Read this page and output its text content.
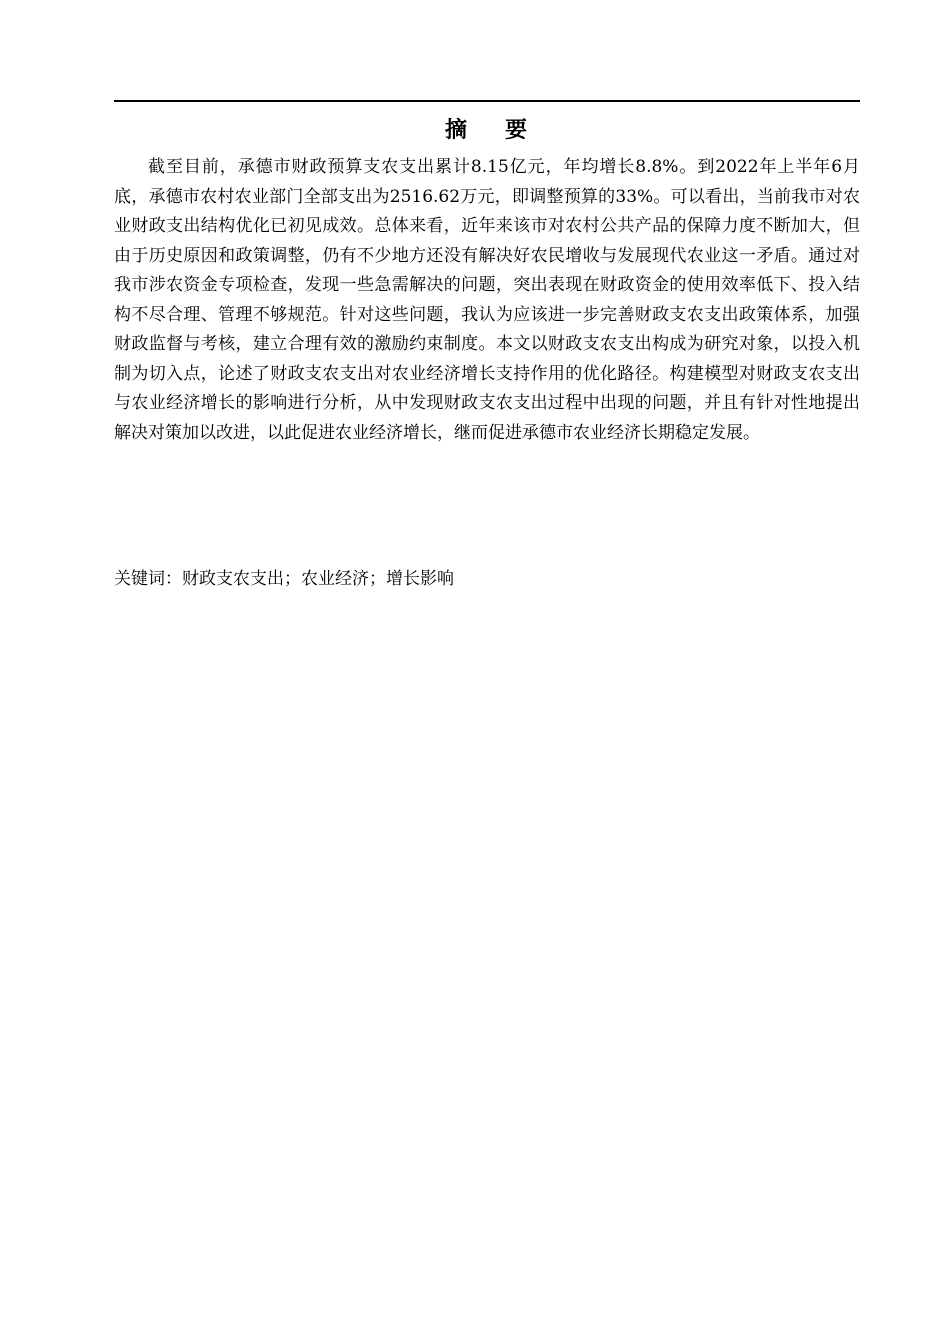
摘 要

截至目前，承德市财政预算支农支出累计8.15亿元，年均增长8.8%。到2022年上半年6月底，承德市农村农业部门全部支出为2516.62万元，即调整预算的33%。可以看出，当前我市对农业财政支出结构优化已初见成效。总体来看，近年来该市对农村公共产品的保障力度不断加大，但由于历史原因和政策调整，仍有不少地方还没有解决好农民增收与发展现代农业这一矛盾。通过对我市涉农资金专项检查，发现一些急需解决的问题，突出表现在财政资金的使用效率低下、投入结构不尽合理、管理不够规范。针对这些问题，我认为应该进一步完善财政支农支出政策体系，加强财政监督与考核，建立合理有效的激励约束制度。本文以财政支农支出构成为研究对象，以投入机制为切入点，论述了财政支农支出对农业经济增长支持作用的优化路径。构建模型对财政支农支出与农业经济增长的影响进行分析，从中发现财政支农支出过程中出现的问题，并且有针对性地提出解决对策加以改进，以此促进农业经济增长，继而促进承德市农业经济长期稳定发展。

关键词：财政支农支出；农业经济；增长影响
